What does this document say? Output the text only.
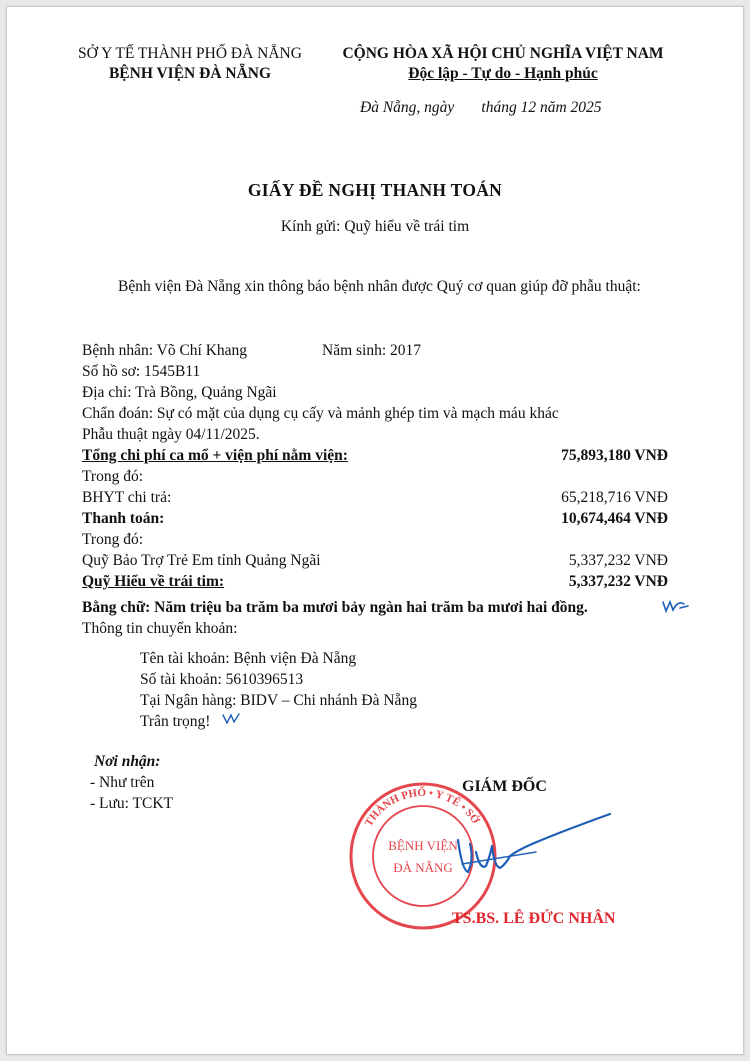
SỞ Y TẾ THÀNH PHỐ ĐÀ NẴNG
BỆNH VIỆN ĐÀ NẴNG
CỘNG HÒA XÃ HỘI CHỦ NGHĨA VIỆT NAM
Độc lập - Tự do - Hạnh phúc
Đà Nẵng, ngày       tháng 12 năm 2025
GIẤY ĐỀ NGHỊ THANH TOÁN
Kính gửi: Quỹ hiểu về trái tim
Bệnh viện Đà Nẵng xin thông báo bệnh nhân được Quý cơ quan giúp đỡ phẫu thuật:
Bệnh nhân: Võ Chí Khang	Năm sinh: 2017
Số hồ sơ: 1545B11
Địa chỉ: Trà Bồng, Quảng Ngãi
Chẩn đoán: Sự có mặt của dụng cụ cấy và mảnh ghép tim và mạch máu khác
Phẫu thuật ngày 04/11/2025.
Tổng chi phí ca mổ + viện phí nằm viện:	75,893,180 VNĐ
Trong đó:
BHYT chi trả:	65,218,716 VNĐ
Thanh toán:	10,674,464 VNĐ
Trong đó:
Quỹ Bảo Trợ Trẻ Em tỉnh Quảng Ngãi	5,337,232 VNĐ
Quỹ Hiểu về trái tim:	5,337,232 VNĐ
Bằng chữ: Năm triệu ba trăm ba mươi bảy ngàn hai trăm ba mươi hai đồng.
Thông tin chuyển khoản:
Tên tài khoản: Bệnh viện Đà Nẵng
Số tài khoản: 5610396513
Tại Ngân hàng: BIDV – Chi nhánh Đà Nẵng
Trân trọng!
Nơi nhận:
- Như trên
- Lưu: TCKT
GIÁM ĐỐC
THÀNH PHỐ • Y TẾ • SỞ
BỆNH VIỆN
ĐÀ NẴNG
TS.BS. LÊ ĐỨC NHÂN
